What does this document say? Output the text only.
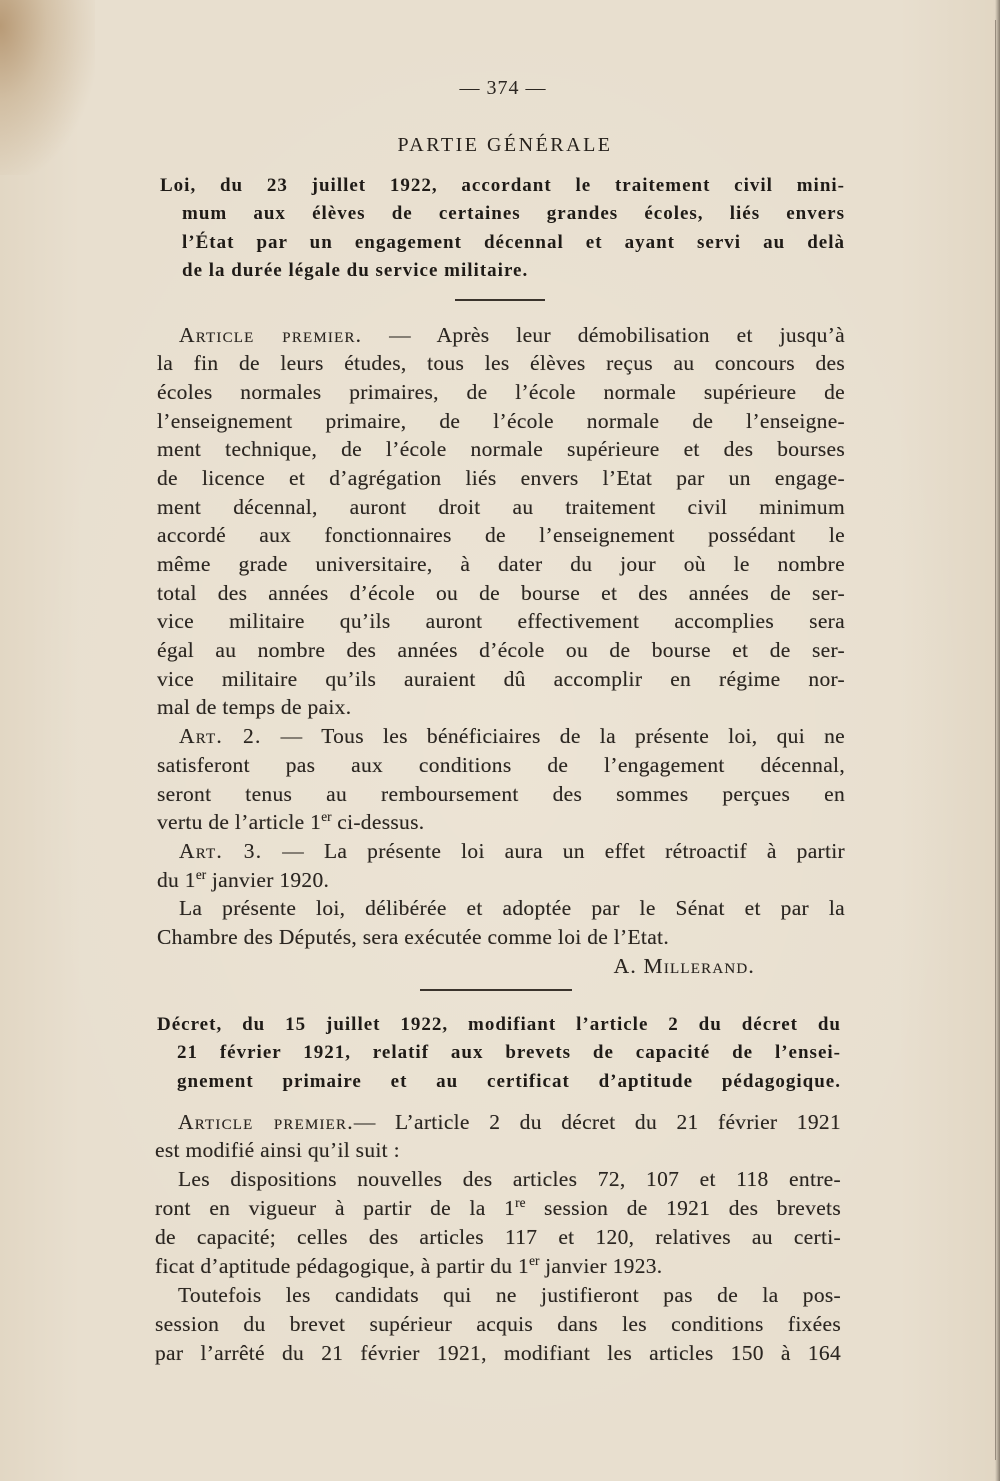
— 374 —
PARTIE GÉNÉRALE
Loi, du 23 juillet 1922, accordant le traitement civil mini-
mum aux élèves de certaines grandes écoles, liés envers
l’État par un engagement décennal et ayant servi au delà
de la durée légale du service militaire.
Article premier. — Après leur démobilisation et jusqu’à
la fin de leurs études, tous les élèves reçus au concours des
écoles normales primaires, de l’école normale supérieure de
l’enseignement primaire, de l’école normale de l’enseigne-
ment technique, de l’école normale supérieure et des bourses
de licence et d’agrégation liés envers l’Etat par un engage-
ment décennal, auront droit au traitement civil minimum
accordé aux fonctionnaires de l’enseignement possédant le
même grade universitaire, à dater du jour où le nombre
total des années d’école ou de bourse et des années de ser-
vice militaire qu’ils auront effectivement accomplies sera
égal au nombre des années d’école ou de bourse et de ser-
vice militaire qu’ils auraient dû accomplir en régime nor-
mal de temps de paix.
Art. 2. — Tous les bénéficiaires de la présente loi, qui ne
satisferont pas aux conditions de l’engagement décennal,
seront tenus au remboursement des sommes perçues en
vertu de l’article 1er ci-dessus.
Art. 3. — La présente loi aura un effet rétroactif à partir
du 1er janvier 1920.
La présente loi, délibérée et adoptée par le Sénat et par la
Chambre des Députés, sera exécutée comme loi de l’Etat.
A. Millerand.
Décret, du 15 juillet 1922, modifiant l’article 2 du décret du
21 février 1921, relatif aux brevets de capacité de l’ensei-
gnement primaire et au certificat d’aptitude pédagogique.
Article premier.— L’article 2 du décret du 21 février 1921
est modifié ainsi qu’il suit :
Les dispositions nouvelles des articles 72, 107 et 118 entre-
ront en vigueur à partir de la 1re session de 1921 des brevets
de capacité; celles des articles 117 et 120, relatives au certi-
ficat d’aptitude pédagogique, à partir du 1er janvier 1923.
Toutefois les candidats qui ne justifieront pas de la pos-
session du brevet supérieur acquis dans les conditions fixées
par l’arrêté du 21 février 1921, modifiant les articles 150 à 164
